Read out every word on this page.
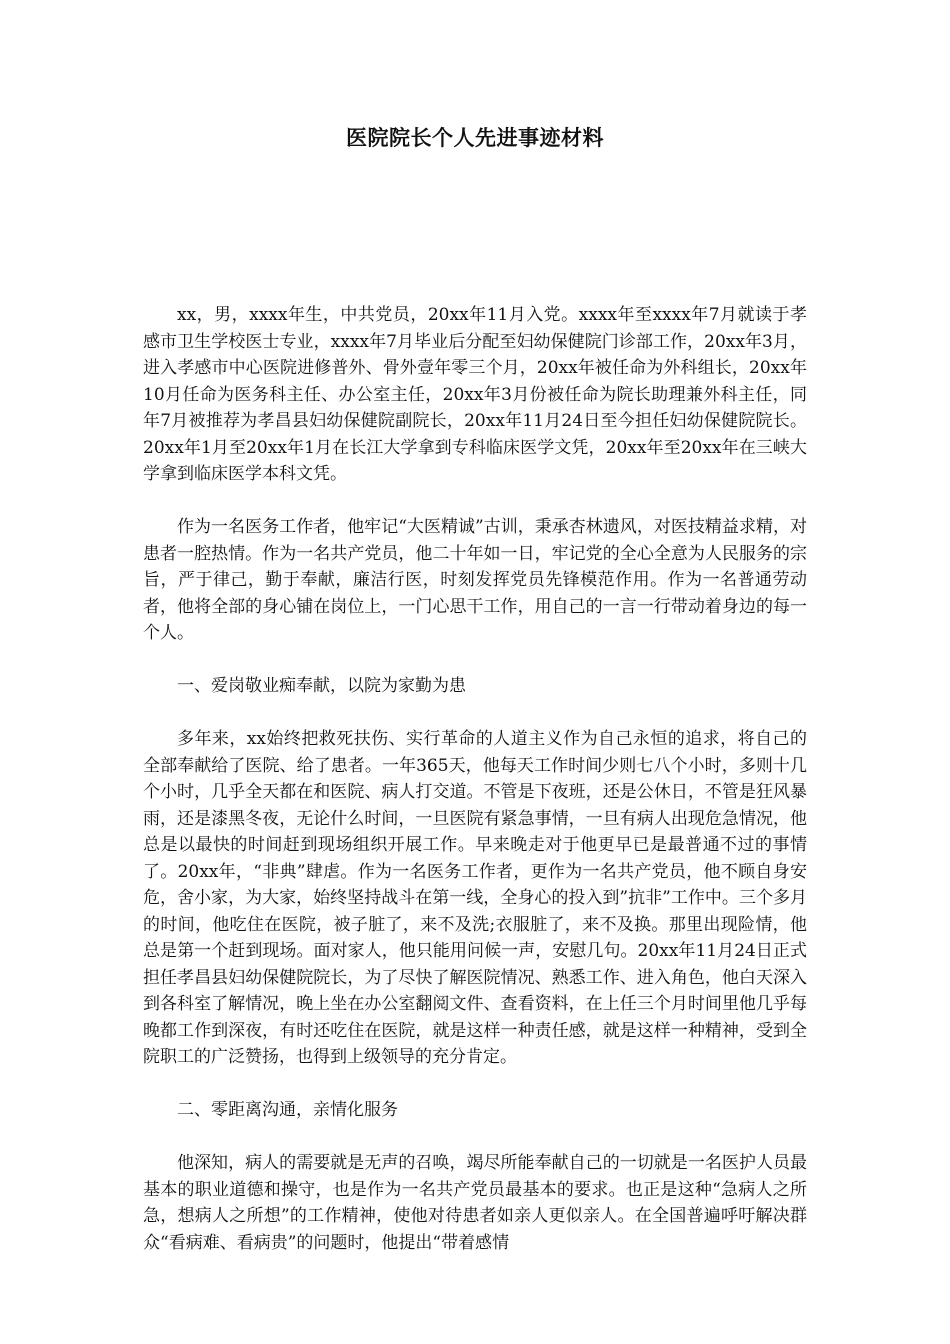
医院院长个人先进事迹材料

xx，男，xxxx年生，中共党员，20xx年11月入党。xxxx年至xxxx年7月就读于孝感市卫生学校医士专业，xxxx年7月毕业后分配至妇幼保健院门诊部工作，20xx年3月，进入孝感市中心医院进修普外、骨外壹年零三个月，20xx年被任命为外科组长，20xx年10月任命为医务科主任、办公室主任，20xx年3月份被任命为院长助理兼外科主任，同年7月被推荐为孝昌县妇幼保健院副院长，20xx年11月24日至今担任妇幼保健院院长。20xx年1月至20xx年1月在长江大学拿到专科临床医学文凭，20xx年至20xx年在三峡大学拿到临床医学本科文凭。

作为一名医务工作者，他牢记“大医精诚”古训，秉承杏林遗风，对医技精益求精，对患者一腔热情。作为一名共产党员，他二十年如一日，牢记党的全心全意为人民服务的宗旨，严于律己，勤于奉献，廉洁行医，时刻发挥党员先锋模范作用。作为一名普通劳动者，他将全部的身心铺在岗位上，一门心思干工作，用自己的一言一行带动着身边的每一个人。

一、爱岗敬业痴奉献，以院为家勤为患

多年来，xx始终把救死扶伤、实行革命的人道主义作为自己永恒的追求，将自己的全部奉献给了医院、给了患者。一年365天，他每天工作时间少则七八个小时，多则十几个小时，几乎全天都在和医院、病人打交道。不管是下夜班，还是公休日，不管是狂风暴雨，还是漆黑冬夜，无论什么时间，一旦医院有紧急事情，一旦有病人出现危急情况，他总是以最快的时间赶到现场组织开展工作。早来晚走对于他更早已是最普通不过的事情了。20xx年，“非典”肆虐。作为一名医务工作者，更作为一名共产党员，他不顾自身安危，舍小家，为大家，始终坚持战斗在第一线，全身心的投入到”抗非”工作中。三个多月的时间，他吃住在医院，被子脏了，来不及洗;衣服脏了，来不及换。那里出现险情，他总是第一个赶到现场。面对家人，他只能用问候一声，安慰几句。20xx年11月24日正式担任孝昌县妇幼保健院院长，为了尽快了解医院情况、熟悉工作、进入角色，他白天深入到各科室了解情况，晚上坐在办公室翻阅文件、查看资料，在上任三个月时间里他几乎每晚都工作到深夜，有时还吃住在医院，就是这样一种责任感，就是这样一种精神，受到全院职工的广泛赞扬，也得到上级领导的充分肯定。

二、零距离沟通，亲情化服务

他深知，病人的需要就是无声的召唤，竭尽所能奉献自己的一切就是一名医护人员最基本的职业道德和操守，也是作为一名共产党员最基本的要求。也正是这种“急病人之所急，想病人之所想”的工作精神，使他对待患者如亲人更似亲人。在全国普遍呼吁解决群众“看病难、看病贵”的问题时，他提出“带着感情
